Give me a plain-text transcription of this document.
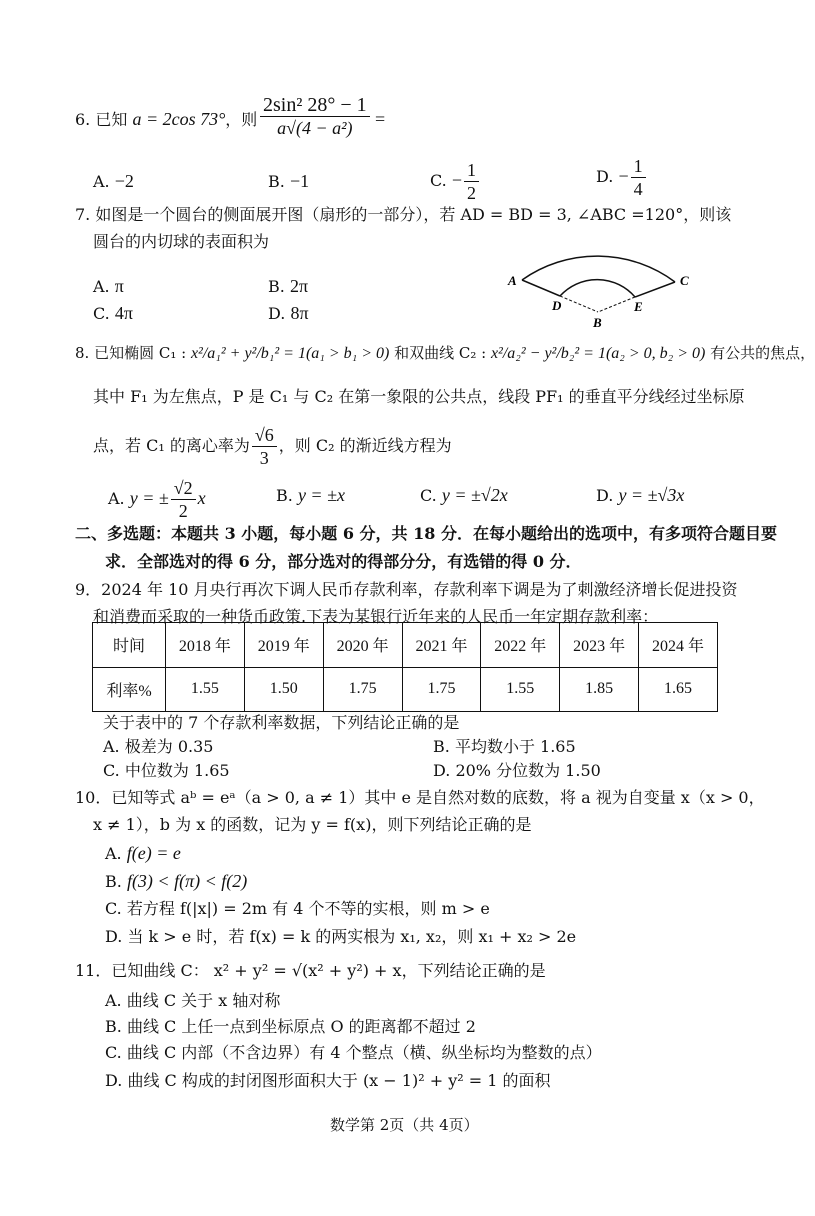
6. 已知 a = 2cos 73°，则 $\frac{\text{2sin² 28° − 1}}{\text{a√(4 − a²)}}$ =
A. −2	B. −1	C. − $\frac{1}{2}$	D. − $\frac{1}{4}$
7. 如图是一个圆台的侧面展开图（扇形的一部分），若 AD = BD = 3, ∠ABC =120°，则该
圆台的内切球的表面积为
A. π	B. 2π
C. 4π	D. 8π
A	C
D	E
B
8. 已知椭圆 C₁ : x²/a₁² + y²/b₁² = 1(a₁ > b₁ > 0) 和双曲线 C₂ : x²/a₂² − y²/b₂² = 1(a₂ > 0, b₂ > 0) 有公共的焦点，
其中 F₁ 为左焦点，P 是 C₁ 与 C₂ 在第一象限的公共点，线段 PF₁ 的垂直平分线经过坐标原
点，若 C₁ 的离心率为 $\frac{√6}{3}$ ，则 C₂ 的渐近线方程为
A. y = ± $\frac{√2}{2}$ x	B. y = ±x	C. y = ±√2x	D. y = ±√3x
二、多选题：本题共 3 小题，每小题 6 分，共 18 分．在每小题给出的选项中，有多项符合题目要
求．全部选对的得 6 分，部分选对的得部分分，有选错的得 0 分．
9．2024 年 10 月央行再次下调人民币存款利率，存款利率下调是为了刺激经济增长促进投资
和消费而采取的一种货币政策.下表为某银行近年来的人民币一年定期存款利率：
时间	2018 年	2019 年	2020 年	2021 年	2022 年	2023 年	2024 年
利率%	1.55	1.50	1.75	1.75	1.55	1.85	1.65
关于表中的 7 个存款利率数据，下列结论正确的是
A. 极差为 0.35	B. 平均数小于 1.65
C. 中位数为 1.65	D. 20% 分位数为 1.50
10．已知等式 aᵇ = eᵃ（a > 0, a ≠ 1）其中 e 是自然对数的底数，将 a 视为自变量 x（x > 0，
x ≠ 1），b 为 x 的函数，记为 y = f(x)，则下列结论正确的是
A. f(e) = e
B. f(3) < f(π) < f(2)
C. 若方程 f(|x|) = 2m 有 4 个不等的实根，则 m > e
D. 当 k > e 时，若 f(x) = k 的两实根为 x₁, x₂，则 x₁ + x₂ > 2e
11．已知曲线 C： x² + y² = √(x² + y²) + x，下列结论正确的是
A. 曲线 C 关于 x 轴对称
B. 曲线 C 上任一点到坐标原点 O 的距离都不超过 2
C. 曲线 C 内部（不含边界）有 4 个整点（横、纵坐标均为整数的点）
D. 曲线 C 构成的封闭图形面积大于 (x − 1)² + y² = 1 的面积
数学第 2页（共 4页）
